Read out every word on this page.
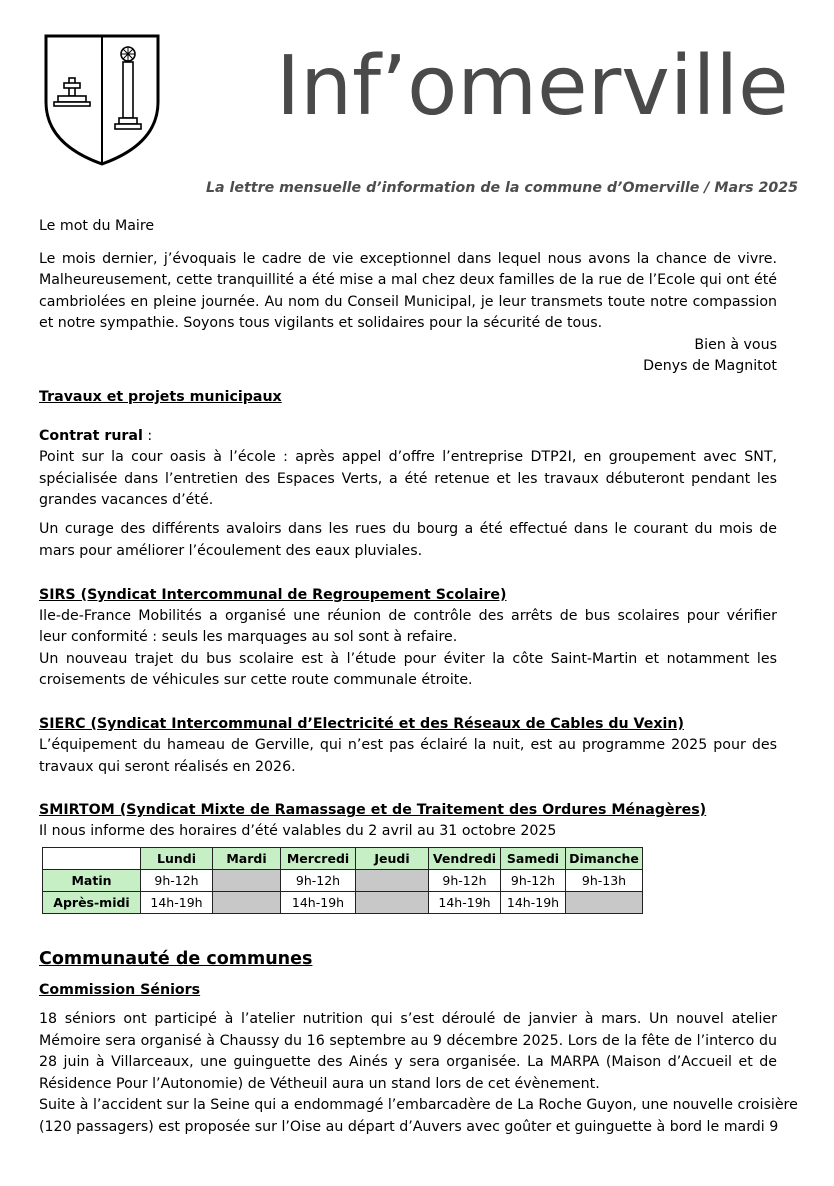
Inf’omerville
La lettre mensuelle d’information de la commune d’Omerville / Mars 2025
Le mot du Maire
Le mois dernier, j’évoquais le cadre de vie exceptionnel dans lequel nous avons la chance de vivre.
Malheureusement, cette tranquillité a été mise a mal chez deux familles de la rue de l’Ecole qui ont été
cambriolées en pleine journée. Au nom du Conseil Municipal, je leur transmets toute notre compassion
et notre sympathie. Soyons tous vigilants et solidaires pour la sécurité de tous.
Bien à vous
Denys de Magnitot
Travaux et projets municipaux
Contrat rural :
Point sur la cour oasis à l’école : après appel d’offre l’entreprise DTP2I, en groupement avec SNT,
spécialisée dans l’entretien des Espaces Verts, a été retenue et les travaux débuteront pendant les
grandes vacances d’été.
Un curage des différents avaloirs dans les rues du bourg a été effectué dans le courant du mois de
mars pour améliorer l’écoulement des eaux pluviales.
SIRS (Syndicat Intercommunal de Regroupement Scolaire)
Ile-de-France Mobilités a organisé une réunion de contrôle des arrêts de bus scolaires pour vérifier
leur conformité : seuls les marquages au sol sont à refaire.
Un nouveau trajet du bus scolaire est à l’étude pour éviter la côte Saint-Martin et notamment les
croisements de véhicules sur cette route communale étroite.
SIERC (Syndicat Intercommunal d’Electricité et des Réseaux de Cables du Vexin)
L’équipement du hameau de Gerville, qui n’est pas éclairé la nuit, est au programme 2025 pour des
travaux qui seront réalisés en 2026.
SMIRTOM (Syndicat Mixte de Ramassage et de Traitement des Ordures Ménagères)
Il nous informe des horaires d’été valables du 2 avril au 31 octobre 2025
	Lundi	Mardi	Mercredi	Jeudi	Vendredi	Samedi	Dimanche
Matin	9h-12h		9h-12h		9h-12h	9h-12h	9h-13h
Après-midi	14h-19h		14h-19h		14h-19h	14h-19h	
Communauté de communes
Commission Séniors
18 séniors ont participé à l’atelier nutrition qui s’est déroulé de janvier à mars. Un nouvel atelier
Mémoire sera organisé à Chaussy du 16 septembre au 9 décembre 2025. Lors de la fête de l’interco du
28 juin à Villarceaux, une guinguette des Ainés y sera organisée. La MARPA (Maison d’Accueil et de
Résidence Pour l’Autonomie) de Vétheuil aura un stand lors de cet évènement.
Suite à l’accident sur la Seine qui a endommagé l’embarcadère de La Roche Guyon, une nouvelle croisière
(120 passagers) est proposée sur l’Oise au départ d’Auvers avec goûter et guinguette à bord le mardi 9
